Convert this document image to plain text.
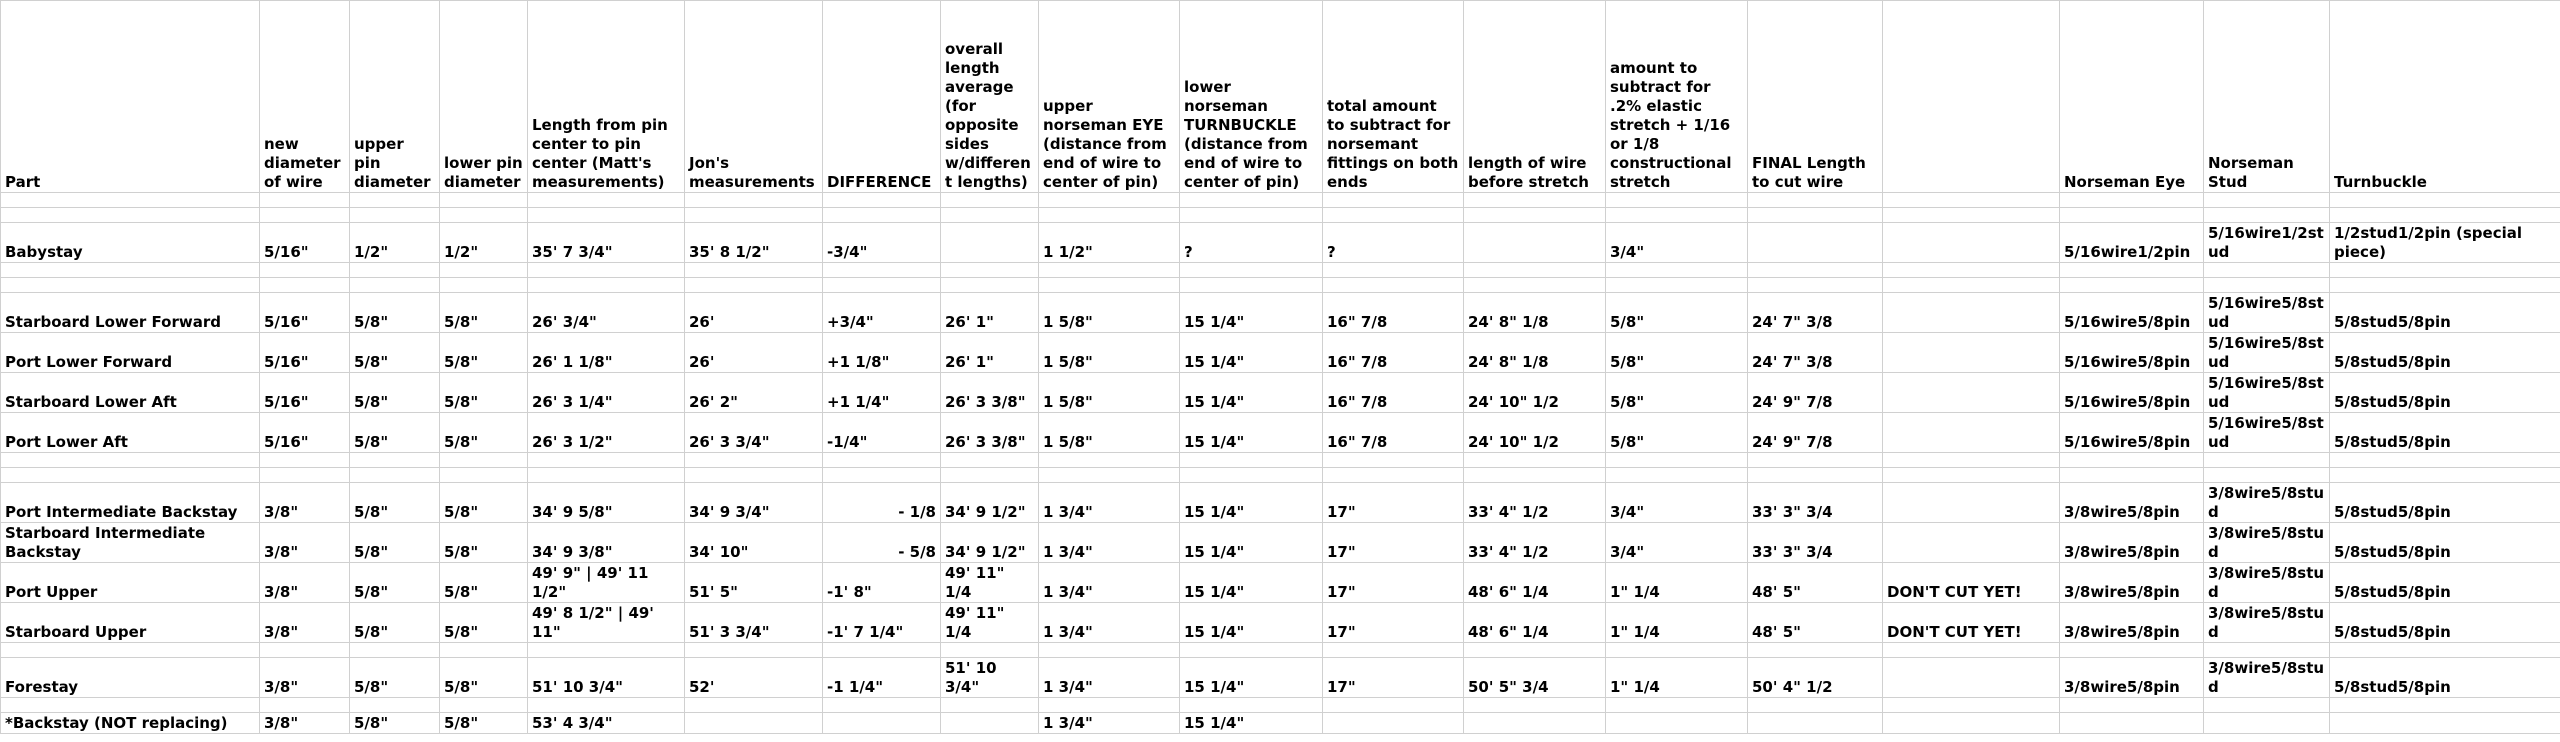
Part	new diameter of wire	upper pin diameter	lower pin diameter	Length from pin center to pin center (Matt's measurements)	Jon's measurements	DIFFERENCE	overall length average (for opposite sides w/different lengths)	upper norseman EYE (distance from end of wire to center of pin)	lower norseman TURNBUCKLE (distance from end of wire to center of pin)	total amount to subtract for norsemant fittings on both ends	length of wire before stretch	amount to subtract for .2% elastic stretch + 1/16 or 1/8 constructional stretch	FINAL Length to cut wire		Norseman Eye	Norseman Stud	Turnbuckle

Babystay	5/16"	1/2"	1/2"	35' 7 3/4"	35' 8 1/2"	-3/4"		1 1/2"	?	?		3/4"			5/16wire1/2pin	5/16wire1/2stud	1/2stud1/2pin (special piece)

Starboard Lower Forward	5/16"	5/8"	5/8"	26' 3/4"	26'	+3/4"	26' 1"	1 5/8"	15 1/4"	16" 7/8	24' 8" 1/8	5/8"	24' 7" 3/8		5/16wire5/8pin	5/16wire5/8stud	5/8stud5/8pin
Port Lower Forward	5/16"	5/8"	5/8"	26' 1 1/8"	26'	+1 1/8"	26' 1"	1 5/8"	15 1/4"	16" 7/8	24' 8" 1/8	5/8"	24' 7" 3/8		5/16wire5/8pin	5/16wire5/8stud	5/8stud5/8pin
Starboard Lower Aft	5/16"	5/8"	5/8"	26' 3 1/4"	26' 2"	+1 1/4"	26' 3 3/8"	1 5/8"	15 1/4"	16" 7/8	24' 10" 1/2	5/8"	24' 9" 7/8		5/16wire5/8pin	5/16wire5/8stud	5/8stud5/8pin
Port Lower Aft	5/16"	5/8"	5/8"	26' 3 1/2"	26' 3 3/4"	-1/4"	26' 3 3/8"	1 5/8"	15 1/4"	16" 7/8	24' 10" 1/2	5/8"	24' 9" 7/8		5/16wire5/8pin	5/16wire5/8stud	5/8stud5/8pin

Port Intermediate Backstay	3/8"	5/8"	5/8"	34' 9 5/8"	34' 9 3/4"	- 1/8	34' 9 1/2"	1 3/4"	15 1/4"	17"	33' 4" 1/2	3/4"	33' 3" 3/4		3/8wire5/8pin	3/8wire5/8stud	5/8stud5/8pin
Starboard Intermediate Backstay	3/8"	5/8"	5/8"	34' 9 3/8"	34' 10"	- 5/8	34' 9 1/2"	1 3/4"	15 1/4"	17"	33' 4" 1/2	3/4"	33' 3" 3/4		3/8wire5/8pin	3/8wire5/8stud	5/8stud5/8pin
Port Upper	3/8"	5/8"	5/8"	49' 9" | 49' 11 1/2"	51' 5"	-1' 8"	49' 11" 1/4	1 3/4"	15 1/4"	17"	48' 6" 1/4	1" 1/4	48' 5"	DON'T CUT YET!	3/8wire5/8pin	3/8wire5/8stud	5/8stud5/8pin
Starboard Upper	3/8"	5/8"	5/8"	49' 8 1/2" | 49' 11"	51' 3 3/4"	-1' 7 1/4"	49' 11" 1/4	1 3/4"	15 1/4"	17"	48' 6" 1/4	1" 1/4	48' 5"	DON'T CUT YET!	3/8wire5/8pin	3/8wire5/8stud	5/8stud5/8pin

Forestay	3/8"	5/8"	5/8"	51' 10 3/4"	52'	-1 1/4"	51' 10 3/4"	1 3/4"	15 1/4"	17"	50' 5" 3/4	1" 1/4	50' 4" 1/2		3/8wire5/8pin	3/8wire5/8stud	5/8stud5/8pin

*Backstay (NOT replacing)	3/8"	5/8"	5/8"	53' 4 3/4"				1 3/4"	15 1/4"								
